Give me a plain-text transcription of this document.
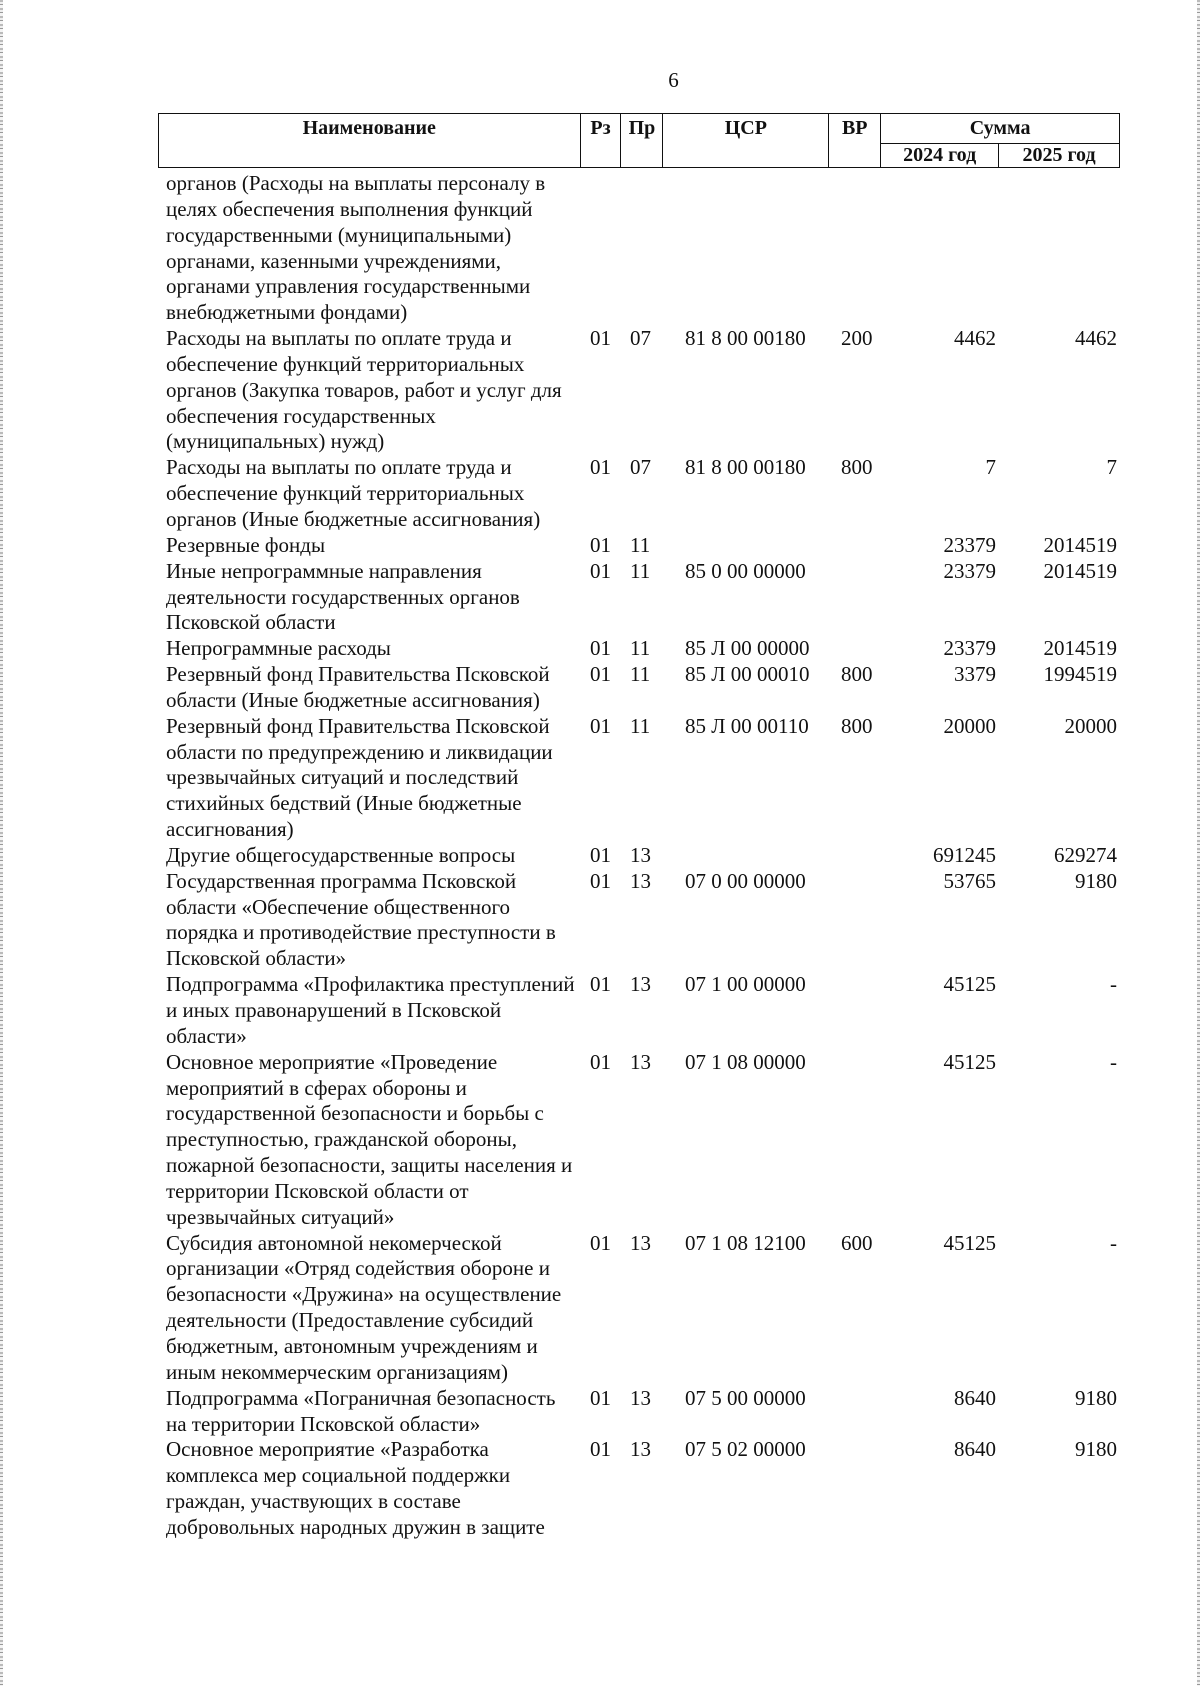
6
Наименование	Рз	Пр	ЦСР	ВР	Сумма	
					2024 год	2025 год
органов (Расходы на выплаты персоналу в целях обеспечения выполнения функций государственными (муниципальными) органами, казенными учреждениями, органами управления государственными внебюджетными фондами)						
Расходы на выплаты по оплате труда и обеспечение функций территориальных органов (Закупка товаров, работ и услуг для обеспечения государственных (муниципальных) нужд)	01	07	81 8 00 00180	200	4462	4462
Расходы на выплаты по оплате труда и обеспечение функций территориальных органов (Иные бюджетные ассигнования)	01	07	81 8 00 00180	800	7	7
Резервные фонды	01	11			23379	2014519
Иные непрограммные направления деятельности государственных органов Псковской области	01	11	85 0 00 00000		23379	2014519
Непрограммные расходы	01	11	85 Л 00 00000		23379	2014519
Резервный фонд Правительства Псковской области (Иные бюджетные ассигнования)	01	11	85 Л 00 00010	800	3379	1994519
Резервный фонд Правительства Псковской области по предупреждению и ликвидации чрезвычайных ситуаций и последствий стихийных бедствий (Иные бюджетные ассигнования)	01	11	85 Л 00 00110	800	20000	20000
Другие общегосударственные вопросы	01	13			691245	629274
Государственная программа Псковской области «Обеспечение общественного порядка и противодействие преступности в Псковской области»	01	13	07 0 00 00000		53765	9180
Подпрограмма «Профилактика преступлений и иных правонарушений в Псковской области»	01	13	07 1 00 00000		45125	-
Основное мероприятие «Проведение мероприятий в сферах обороны и государственной безопасности и борьбы с преступностью, гражданской обороны, пожарной безопасности, защиты населения и территории Псковской области от чрезвычайных ситуаций»	01	13	07 1 08 00000		45125	-
Субсидия автономной некомерческой организации «Отряд содействия обороне и безопасности «Дружина» на осуществление деятельности (Предоставление субсидий бюджетным, автономным учреждениям и иным некоммерческим организациям)	01	13	07 1 08 12100	600	45125	-
Подпрограмма «Пограничная безопасность на территории Псковской области»	01	13	07 5 00 00000		8640	9180
Основное мероприятие «Разработка комплекса мер социальной поддержки граждан, участвующих в составе добровольных народных дружин в защите	01	13	07 5 02 00000		8640	9180
